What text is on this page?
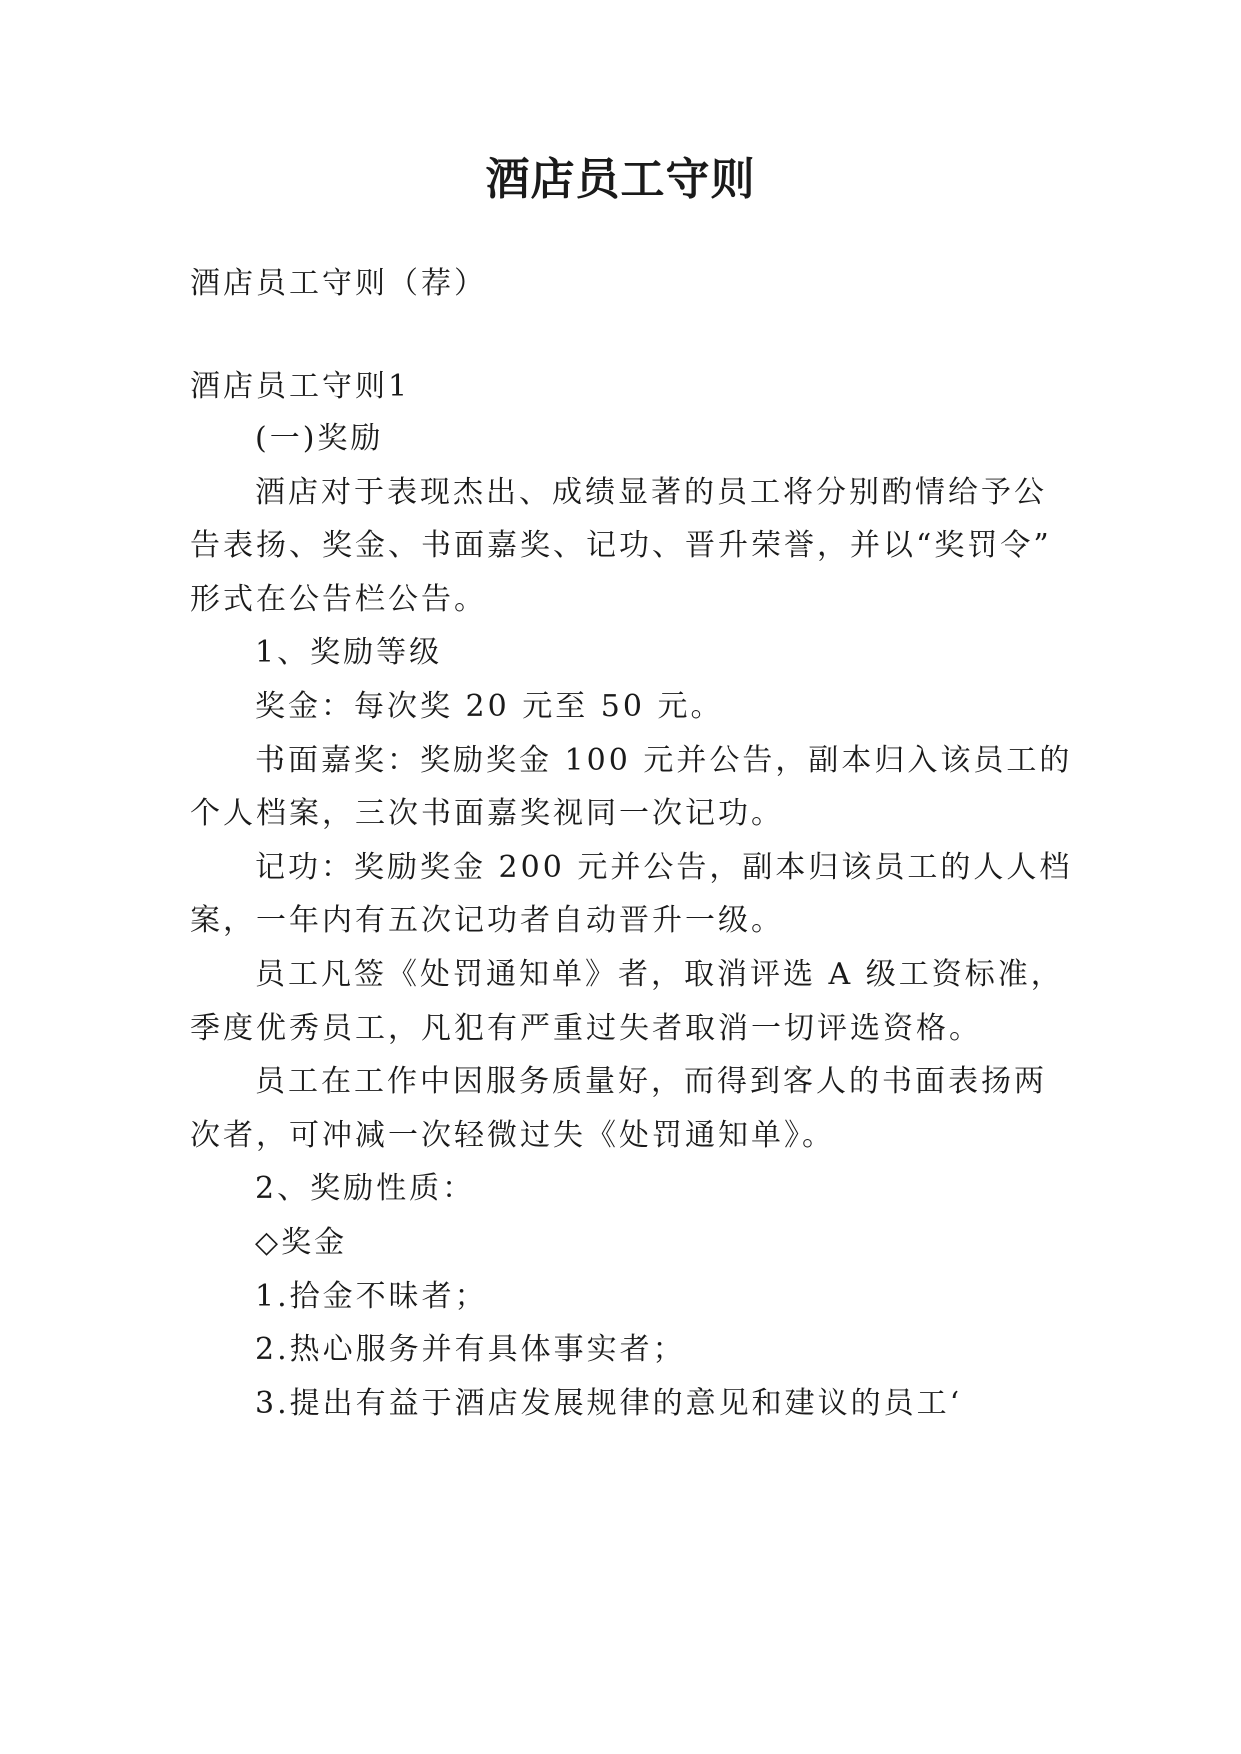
酒店员工守则

酒店员工守则（荐）

酒店员工守则1

(一)奖励

酒店对于表现杰出、成绩显著的员工将分别酌情给予公

告表扬、奖金、书面嘉奖、记功、晋升荣誉，并以“奖罚令”

形式在公告栏公告。

1、奖励等级

奖金：每次奖 20 元至 50 元。

书面嘉奖：奖励奖金 100 元并公告，副本归入该员工的

个人档案，三次书面嘉奖视同一次记功。

记功：奖励奖金 200 元并公告，副本归该员工的人人档

案，一年内有五次记功者自动晋升一级。

员工凡签《处罚通知单》者，取消评选 A 级工资标准，

季度优秀员工，凡犯有严重过失者取消一切评选资格。

员工在工作中因服务质量好，而得到客人的书面表扬两

次者，可冲减一次轻微过失《处罚通知单》。

2、奖励性质：

◇奖金

1.拾金不昧者；

2.热心服务并有具体事实者；

3.提出有益于酒店发展规律的意见和建议的员工‘
